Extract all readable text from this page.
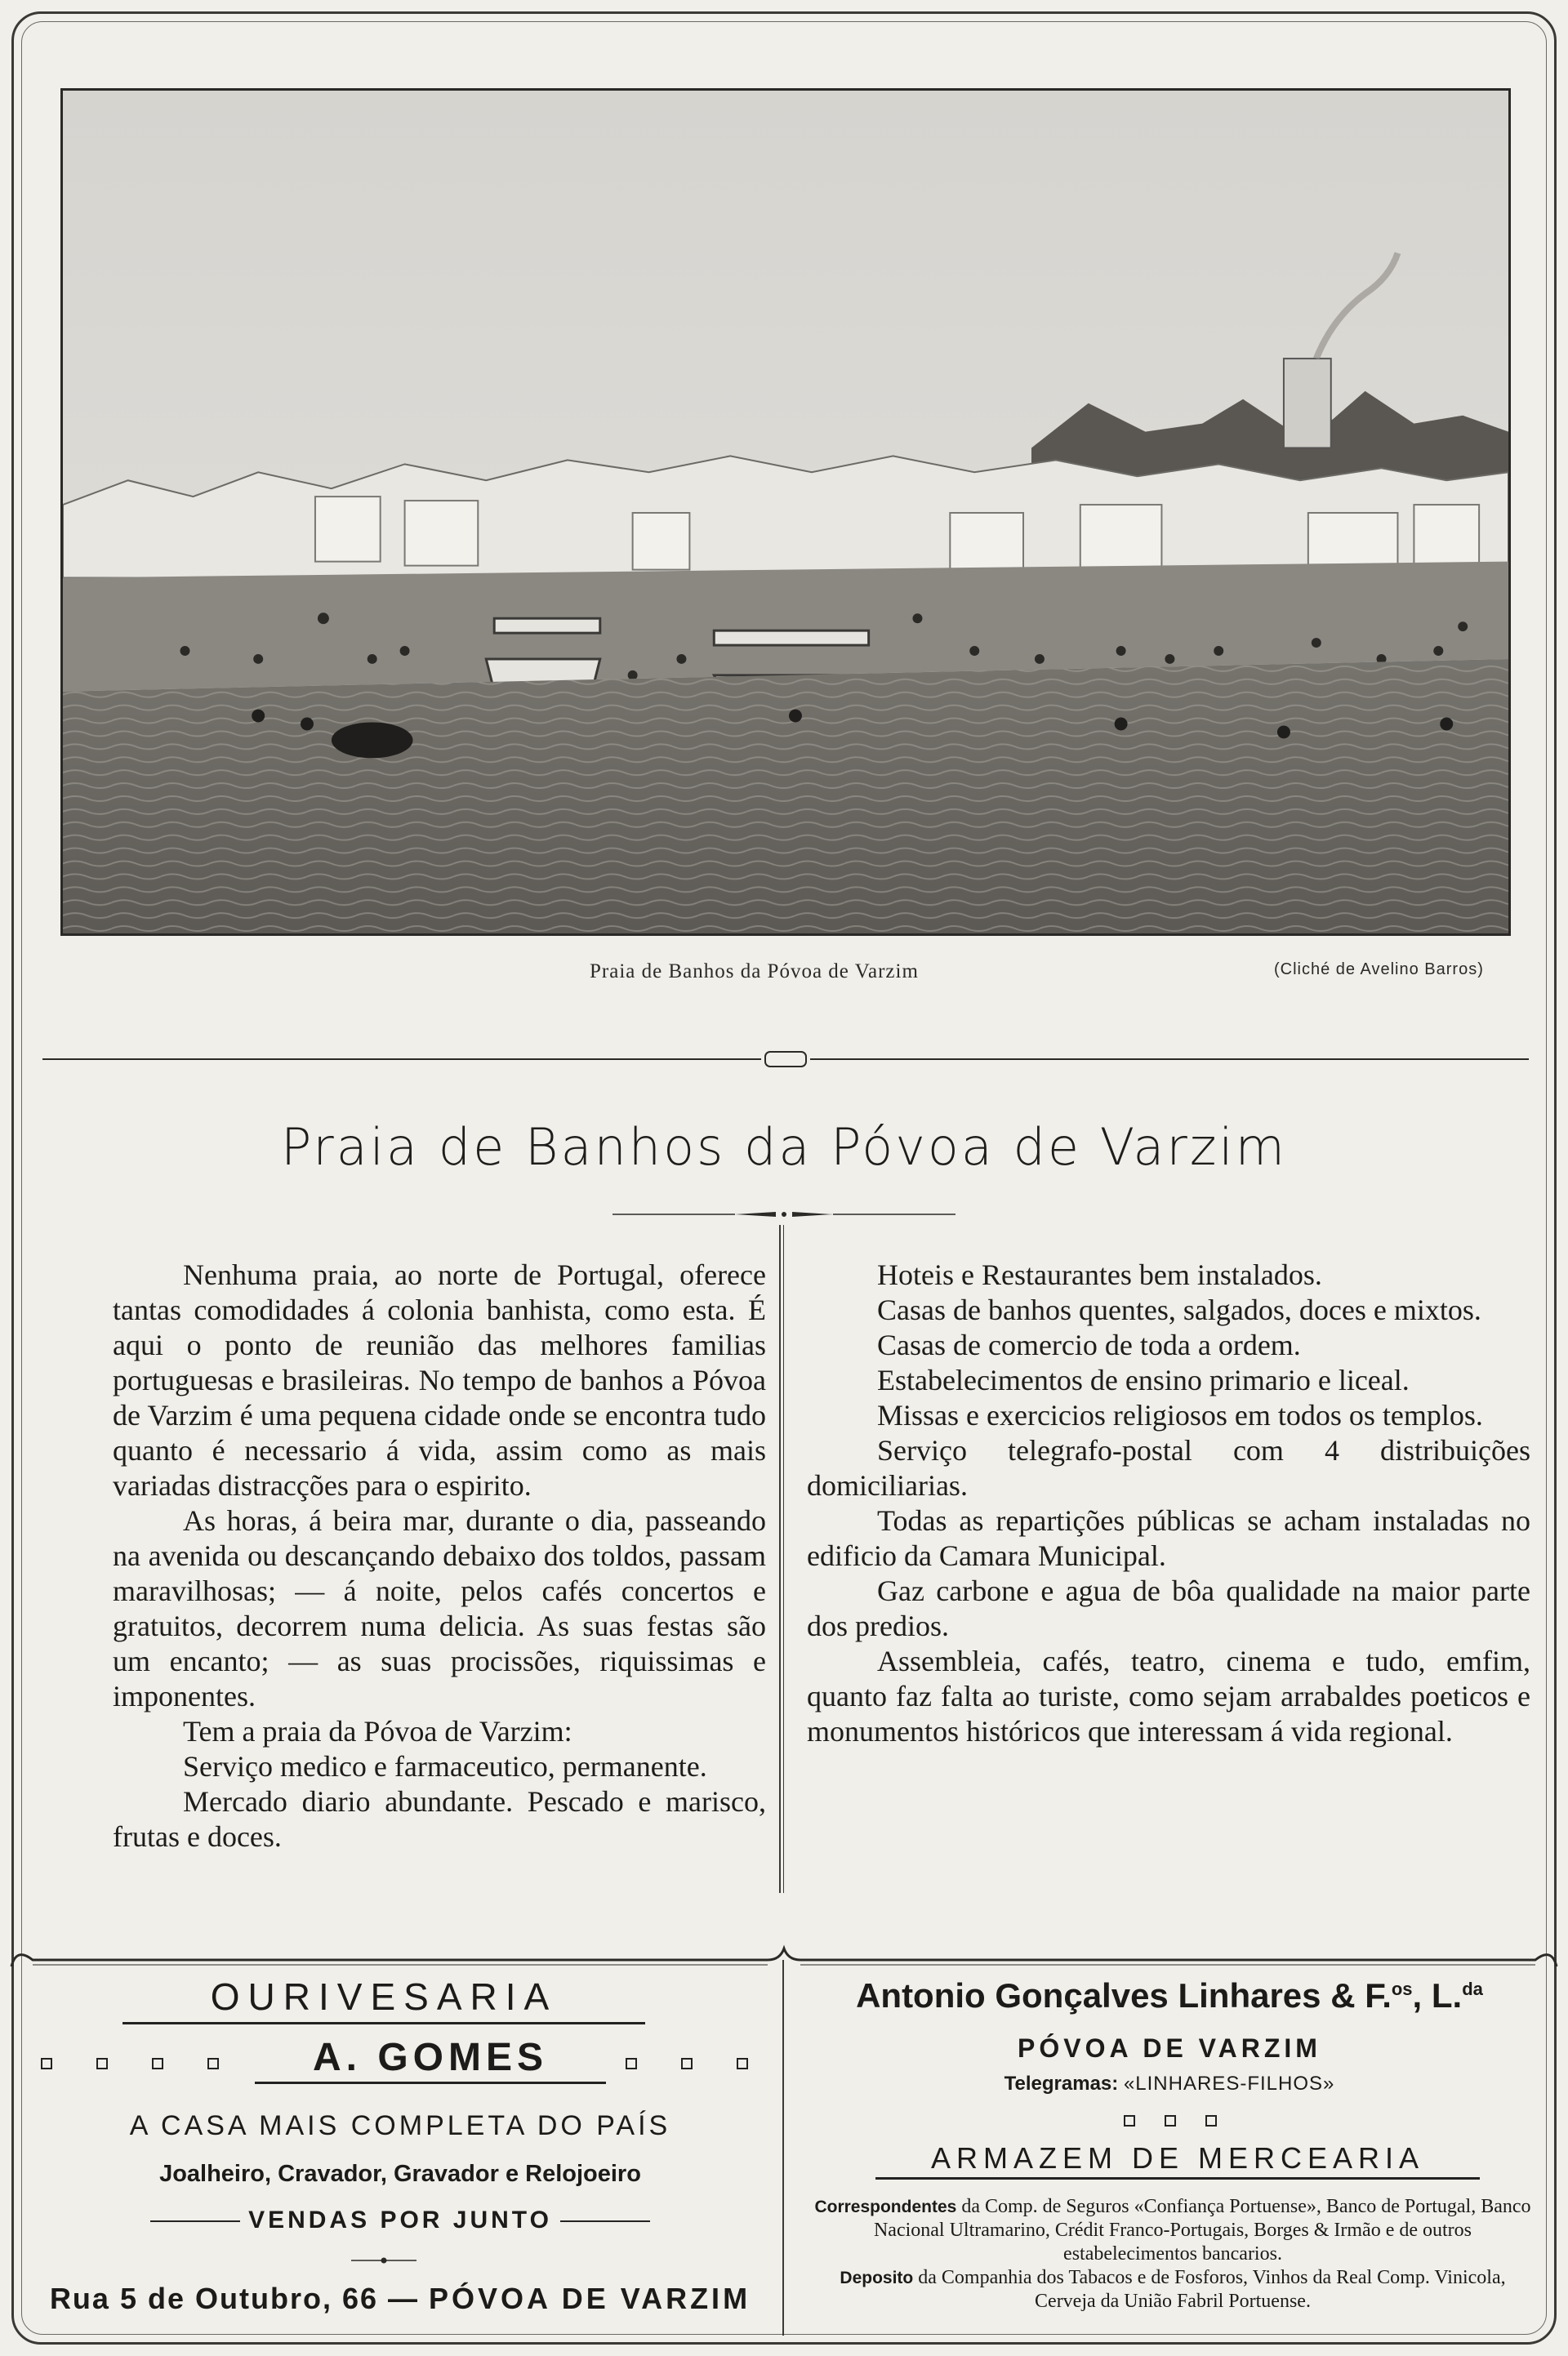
Praia de Banhos da Póvoa de Varzim	(Cliché de Avelino Barros)
Praia de Banhos da Póvoa de Varzim

Nenhuma praia, ao norte de Portugal, oferece tantas comodidades á colonia banhista, como esta. É aqui o ponto de reunião das melhores familias portuguesas e brasileiras. No tempo de banhos a Póvoa de Varzim é uma pequena cidade onde se encontra tudo quanto é necessario á vida, assim como as mais variadas distracções para o espirito.

As horas, á beira mar, durante o dia, passeando na avenida ou descançando debaixo dos toldos, passam maravilhosas; — á noite, pelos cafés concertos e gratuitos, decorrem numa delicia. As suas festas são um encanto; — as suas procissões, riquissimas e imponentes.

Tem a praia da Póvoa de Varzim:

Serviço medico e farmaceutico, permanente.

Mercado diario abundante. Pescado e marisco, frutas e doces.

Hoteis e Restaurantes bem instalados.

Casas de banhos quentes, salgados, doces e mixtos.

Casas de comercio de toda a ordem.

Estabelecimentos de ensino primario e liceal.

Missas e exercicios religiosos em todos os templos.

Serviço telegrafo-postal com 4 distribuições domiciliarias.

Todas as repartições públicas se acham instaladas no edificio da Camara Municipal.

Gaz carbone e agua de bôa qualidade na maior parte dos predios.

Assembleia, cafés, teatro, cinema e tudo, emfim, quanto faz falta ao turiste, como sejam arrabaldes poeticos e monumentos históricos que interessam á vida regional.

OURIVESARIA
A. GOMES
A CASA MAIS COMPLETA DO PAÍS
Joalheiro, Cravador, Gravador e Relojoeiro
VENDAS POR JUNTO
Rua 5 de Outubro, 66 — PÓVOA DE VARZIM
Antonio Gonçalves Linhares & F.$^{os}$, L.$^{da}$
PÓVOA DE VARZIM
Telegramas: «LINHARES-FILHOS»
ARMAZEM DE MERCEARIA
Correspondentes da Comp. de Seguros «Confiança Portuense», Banco de Portugal, Banco Nacional Ultramarino, Crédit Franco-Portugais, Borges & Irmão e de outros estabelecimentos bancarios.
Deposito da Companhia dos Tabacos e de Fosforos, Vinhos da Real Comp. Vinicola, Cerveja da União Fabril Portuense.
